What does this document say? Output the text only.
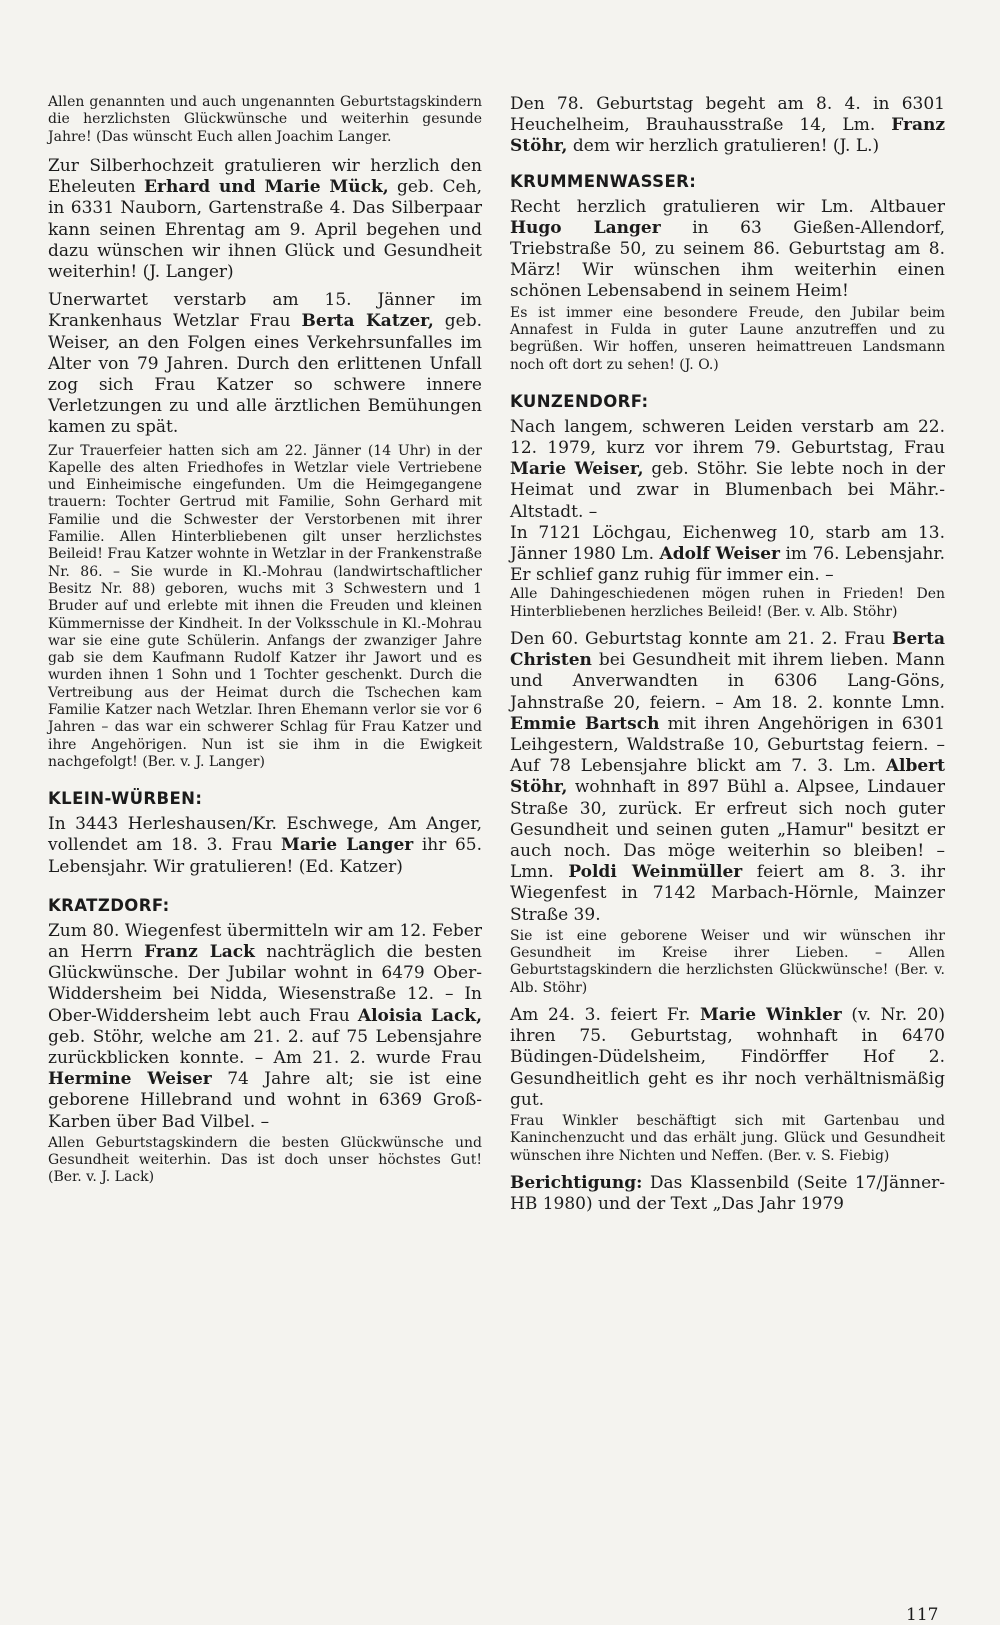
Allen genannten und auch ungenannten Geburtstagskindern die herzlichsten Glückwünsche und weiterhin gesunde Jahre! (Das wünscht Euch allen Joachim Langer.

Zur Silberhochzeit gratulieren wir herzlich den Eheleuten Erhard und Marie Mück, geb. Ceh, in 6331 Nauborn, Gartenstraße 4. Das Silberpaar kann seinen Ehrentag am 9. April begehen und dazu wünschen wir ihnen Glück und Gesundheit weiterhin! (J. Langer)

Unerwartet verstarb am 15. Jänner im Krankenhaus Wetzlar Frau Berta Katzer, geb. Weiser, an den Folgen eines Verkehrsunfalles im Alter von 79 Jahren. Durch den erlittenen Unfall zog sich Frau Katzer so schwere innere Verletzungen zu und alle ärztlichen Bemühungen kamen zu spät.

Zur Trauerfeier hatten sich am 22. Jänner (14 Uhr) in der Kapelle des alten Friedhofes in Wetzlar viele Vertriebene und Einheimische eingefunden. Um die Heimgegangene trauern: Tochter Gertrud mit Familie, Sohn Gerhard mit Familie und die Schwester der Verstorbenen mit ihrer Familie. Allen Hinterbliebenen gilt unser herzlichstes Beileid! Frau Katzer wohnte in Wetzlar in der Frankenstraße Nr. 86. – Sie wurde in Kl.-Mohrau (landwirtschaftlicher Besitz Nr. 88) geboren, wuchs mit 3 Schwestern und 1 Bruder auf und erlebte mit ihnen die Freuden und kleinen Kümmernisse der Kindheit. In der Volksschule in Kl.-Mohrau war sie eine gute Schülerin. Anfangs der zwanziger Jahre gab sie dem Kaufmann Rudolf Katzer ihr Jawort und es wurden ihnen 1 Sohn und 1 Tochter geschenkt. Durch die Vertreibung aus der Heimat durch die Tschechen kam Familie Katzer nach Wetzlar. Ihren Ehemann verlor sie vor 6 Jahren – das war ein schwerer Schlag für Frau Katzer und ihre Angehörigen. Nun ist sie ihm in die Ewigkeit nachgefolgt! (Ber. v. J. Langer)

KLEIN-WÜRBEN:

In 3443 Herleshausen/Kr. Eschwege, Am Anger, vollendet am 18. 3. Frau Marie Langer ihr 65. Lebensjahr. Wir gratulieren! (Ed. Katzer)

KRATZDORF:

Zum 80. Wiegenfest übermitteln wir am 12. Feber an Herrn Franz Lack nachträglich die besten Glückwünsche. Der Jubilar wohnt in 6479 Ober-Widdersheim bei Nidda, Wiesenstraße 12. – In Ober-Widdersheim lebt auch Frau Aloisia Lack, geb. Stöhr, welche am 21. 2. auf 75 Lebensjahre zurückblicken konnte. – Am 21. 2. wurde Frau Hermine Weiser 74 Jahre alt; sie ist eine geborene Hillebrand und wohnt in 6369 Groß-Karben über Bad Vilbel. –

Allen Geburtstagskindern die besten Glückwünsche und Gesundheit weiterhin. Das ist doch unser höchstes Gut! (Ber. v. J. Lack)

Den 78. Geburtstag begeht am 8. 4. in 6301 Heuchelheim, Brauhausstraße 14, Lm. Franz Stöhr, dem wir herzlich gratulieren! (J. L.)

KRUMMENWASSER:

Recht herzlich gratulieren wir Lm. Altbauer Hugo Langer in 63 Gießen-Allendorf, Triebstraße 50, zu seinem 86. Geburtstag am 8. März! Wir wünschen ihm weiterhin einen schönen Lebensabend in seinem Heim!

Es ist immer eine besondere Freude, den Jubilar beim Annafest in Fulda in guter Laune anzutreffen und zu begrüßen. Wir hoffen, unseren heimattreuen Landsmann noch oft dort zu sehen! (J. O.)

KUNZENDORF:

Nach langem, schweren Leiden verstarb am 22. 12. 1979, kurz vor ihrem 79. Geburtstag, Frau Marie Weiser, geb. Stöhr. Sie lebte noch in der Heimat und zwar in Blumenbach bei Mähr.-Altstadt. –

In 7121 Löchgau, Eichenweg 10, starb am 13. Jänner 1980 Lm. Adolf Weiser im 76. Lebensjahr. Er schlief ganz ruhig für immer ein. –

Alle Dahingeschiedenen mögen ruhen in Frieden! Den Hinterbliebenen herzliches Beileid! (Ber. v. Alb. Stöhr)

Den 60. Geburtstag konnte am 21. 2. Frau Berta Christen bei Gesundheit mit ihrem lieben. Mann und Anverwandten in 6306 Lang-Göns, Jahnstraße 20, feiern. – Am 18. 2. konnte Lmn. Emmie Bartsch mit ihren Angehörigen in 6301 Leihgestern, Waldstraße 10, Geburtstag feiern. – Auf 78 Lebensjahre blickt am 7. 3. Lm. Albert Stöhr, wohnhaft in 897 Bühl a. Alpsee, Lindauer Straße 30, zurück. Er erfreut sich noch guter Gesundheit und seinen guten „Hamur" besitzt er auch noch. Das möge weiterhin so bleiben! – Lmn. Poldi Weinmüller feiert am 8. 3. ihr Wiegenfest in 7142 Marbach-Hörnle, Mainzer Straße 39.

Sie ist eine geborene Weiser und wir wünschen ihr Gesundheit im Kreise ihrer Lieben. – Allen Geburtstagskindern die herzlichsten Glückwünsche! (Ber. v. Alb. Stöhr)

Am 24. 3. feiert Fr. Marie Winkler (v. Nr. 20) ihren 75. Geburtstag, wohnhaft in 6470 Büdingen-Düdelsheim, Findörffer Hof 2. Gesundheitlich geht es ihr noch verhältnismäßig gut.

Frau Winkler beschäftigt sich mit Gartenbau und Kaninchenzucht und das erhält jung. Glück und Gesundheit wünschen ihre Nichten und Neffen. (Ber. v. S. Fiebig)

Berichtigung: Das Klassenbild (Seite 17/Jänner-HB 1980) und der Text „Das Jahr 1979

117
